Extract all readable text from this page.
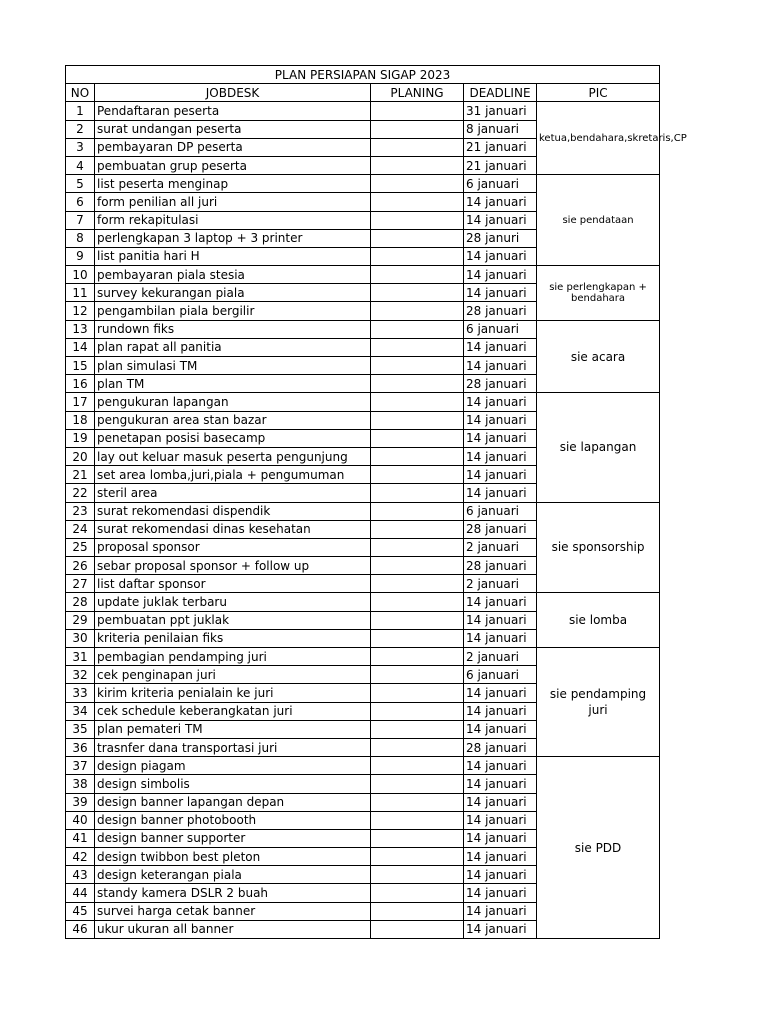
PLAN PERSIAPAN SIGAP 2023				
NO	JOBDESK	PLANING	DEADLINE	PIC
1	Pendaftaran peserta		31 januari	ketua,bendahara,skretaris,CP
2	surat undangan peserta		8 januari	
3	pembayaran DP peserta		21 januari	
4	pembuatan grup peserta		21 januari	
5	list peserta menginap		6 januari	sie pendataan
6	form penilian all juri		14 januari	
7	form rekapitulasi		14 januari	
8	perlengkapan 3 laptop + 3 printer		28 januri	
9	list panitia hari H		14 januari	
10	pembayaran piala stesia		14 januari	sie perlengkapan + bendahara
11	survey kekurangan piala		14 januari	
12	pengambilan piala bergilir		28 januari	
13	rundown fiks		6 januari	sie acara
14	plan rapat all panitia		14 januari	
15	plan simulasi TM		14 januari	
16	plan TM		28 januari	
17	pengukuran lapangan		14 januari	sie lapangan
18	pengukuran area stan bazar		14 januari	
19	penetapan posisi basecamp		14 januari	
20	lay out keluar masuk peserta pengunjung		14 januari	
21	set area lomba,juri,piala + pengumuman		14 januari	
22	steril area		14 januari	
23	surat rekomendasi dispendik		6 januari	sie sponsorship
24	surat rekomendasi dinas kesehatan		28 januari	
25	proposal sponsor		2 januari	
26	sebar proposal sponsor + follow up		28 januari	
27	list daftar sponsor		2 januari	
28	update juklak terbaru		14 januari	sie lomba
29	pembuatan ppt juklak		14 januari	
30	kriteria penilaian fiks		14 januari	
31	pembagian pendamping juri		2 januari	sie pendamping juri
32	cek penginapan juri		6 januari	
33	kirim kriteria penialain ke juri		14 januari	
34	cek schedule keberangkatan juri		14 januari	
35	plan pemateri TM		14 januari	
36	trasnfer dana transportasi juri		28 januari	
37	design piagam		14 januari	sie PDD
38	design simbolis		14 januari	
39	design banner lapangan depan		14 januari	
40	design banner photobooth		14 januari	
41	design banner supporter		14 januari	
42	design twibbon best pleton		14 januari	
43	design keterangan piala		14 januari	
44	standy kamera DSLR 2 buah		14 januari	
45	survei harga cetak banner		14 januari	
46	ukur ukuran all banner		14 januari	
